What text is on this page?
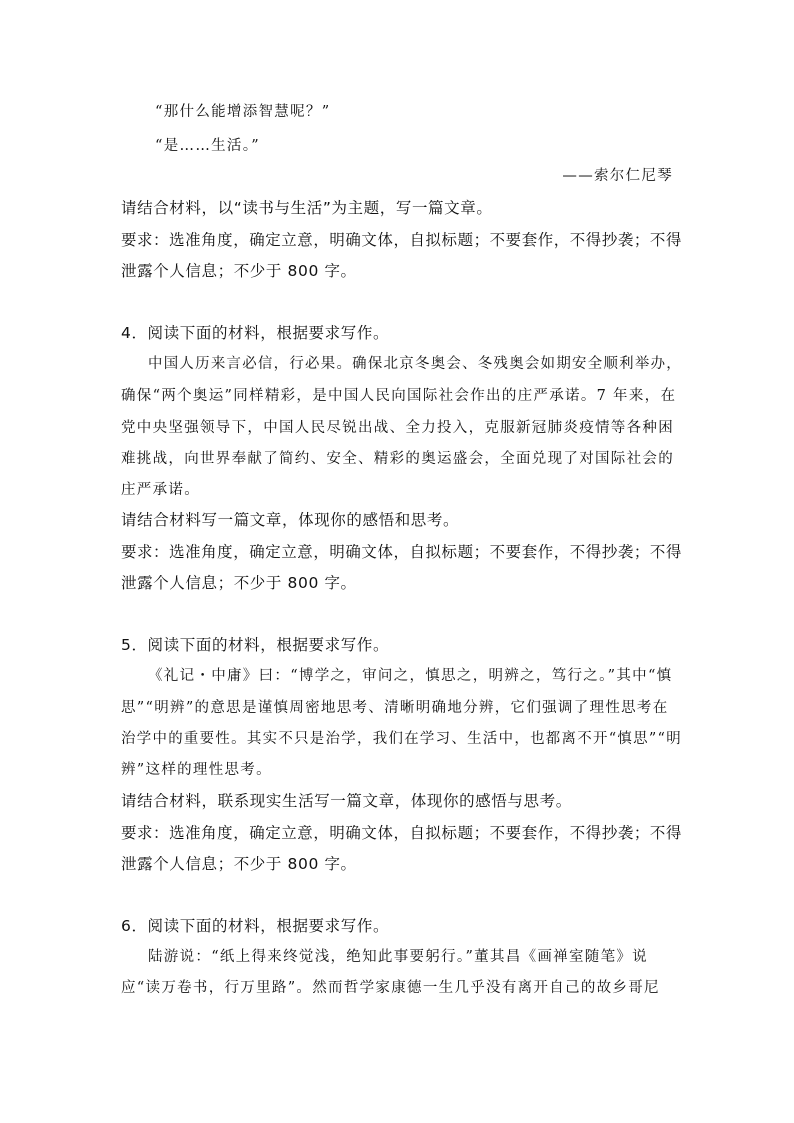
“那什么能增添智慧呢？”
“是……生活。”
——索尔仁尼琴
请结合材料，以“读书与生活”为主题，写一篇文章。
要求：选准角度，确定立意，明确文体，自拟标题；不要套作，不得抄袭；不得
泄露个人信息；不少于 800 字。
4．阅读下面的材料，根据要求写作。
中国人历来言必信，行必果。确保北京冬奥会、冬残奥会如期安全顺利举办，
确保“两个奥运”同样精彩，是中国人民向国际社会作出的庄严承诺。7 年来，在
党中央坚强领导下，中国人民尽锐出战、全力投入，克服新冠肺炎疫情等各种困
难挑战，向世界奉献了简约、安全、精彩的奥运盛会，全面兑现了对国际社会的
庄严承诺。
请结合材料写一篇文章，体现你的感悟和思考。
要求：选准角度，确定立意，明确文体，自拟标题；不要套作，不得抄袭；不得
泄露个人信息；不少于 800 字。
5．阅读下面的材料，根据要求写作。
《礼记・中庸》曰：“博学之，审问之，慎思之，明辨之，笃行之。”其中“慎
思”“明辨”的意思是谨慎周密地思考、清晰明确地分辨，它们强调了理性思考在
治学中的重要性。其实不只是治学，我们在学习、生活中，也都离不开“慎思”“明
辨”这样的理性思考。
请结合材料，联系现实生活写一篇文章，体现你的感悟与思考。
要求：选准角度，确定立意，明确文体，自拟标题；不要套作，不得抄袭；不得
泄露个人信息；不少于 800 字。
6．阅读下面的材料，根据要求写作。
陆游说：“纸上得来终觉浅，绝知此事要躬行。”董其昌《画禅室随笔》说
应“读万卷书，行万里路”。然而哲学家康德一生几乎没有离开自己的故乡哥尼
